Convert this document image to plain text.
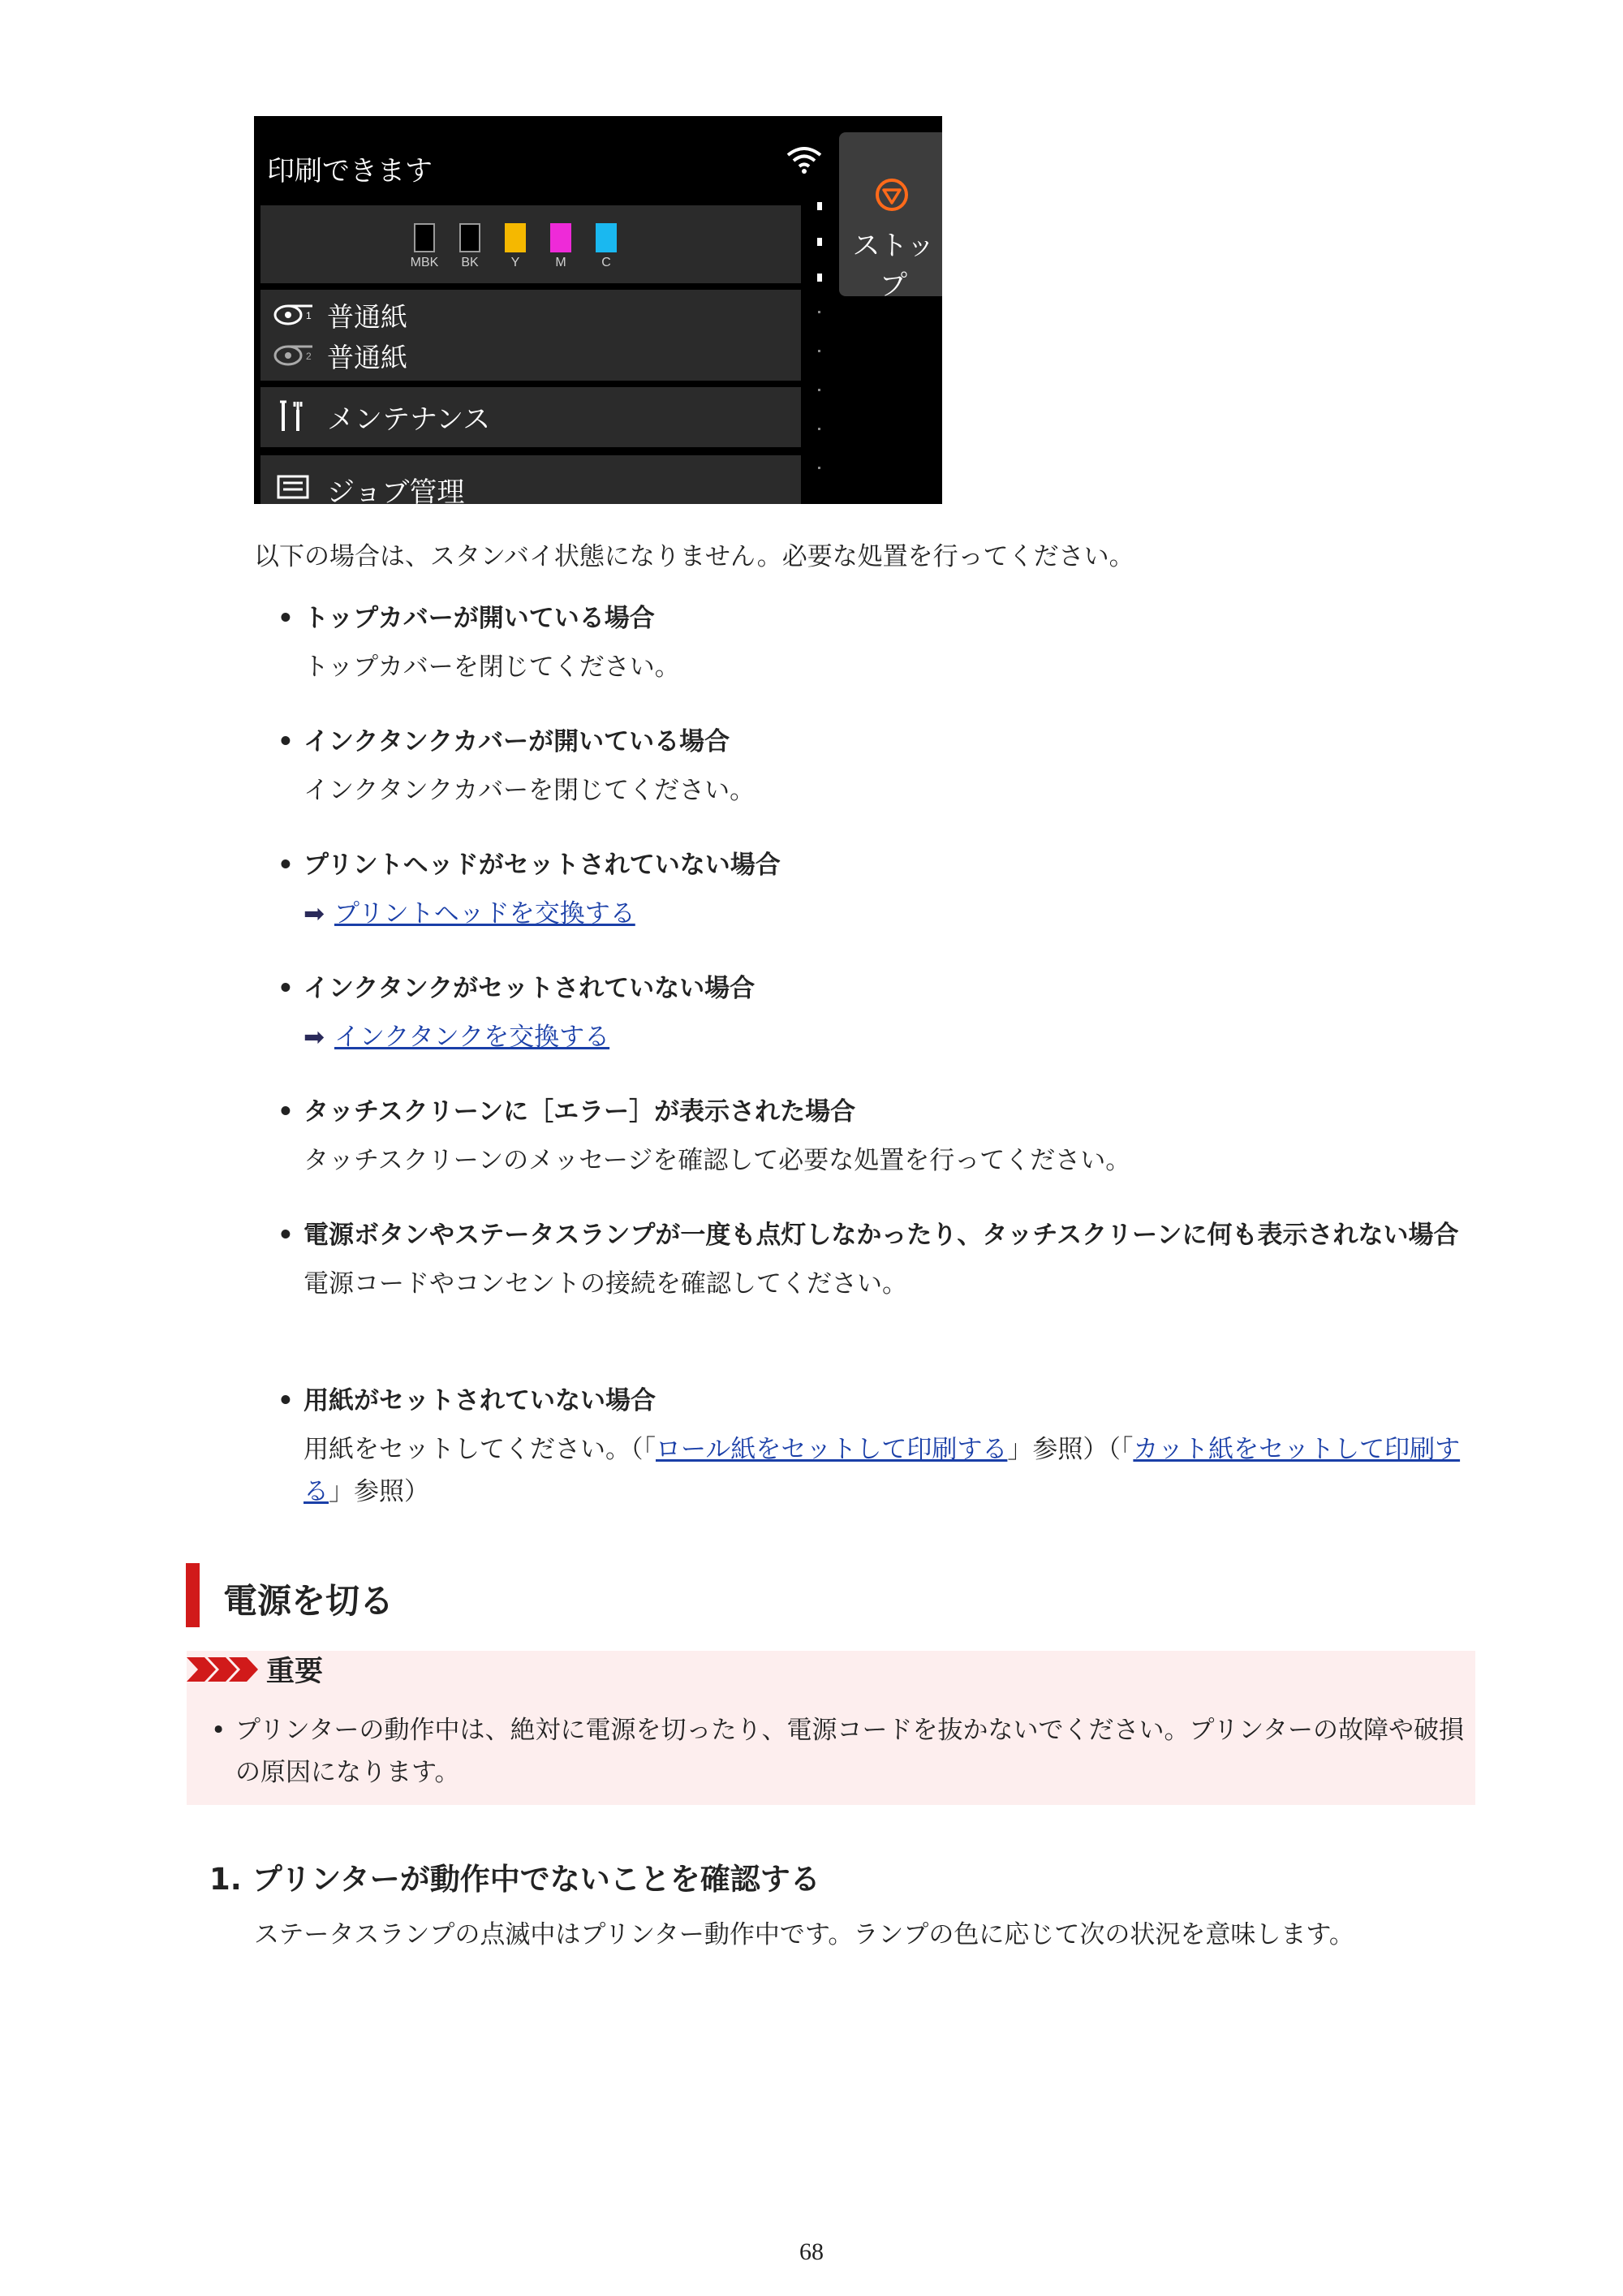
印刷できます
ストップ
MBK	BK	Y	M	C
1 普通紙
2 普通紙
メンテナンス
ジョブ管理
以下の場合は、スタンバイ状態になりません。必要な処置を行ってください。
• トップカバーが開いている場合
トップカバーを閉じてください。
• インクタンクカバーが開いている場合
インクタンクカバーを閉じてください。
• プリントヘッドがセットされていない場合
➡ プリントヘッドを交換する
• インクタンクがセットされていない場合
➡ インクタンクを交換する
• タッチスクリーンに［エラー］が表示された場合
タッチスクリーンのメッセージを確認して必要な処置を行ってください。
• 電源ボタンやステータスランプが一度も点灯しなかったり、タッチスクリーンに何も表示されない場合
電源コードやコンセントの接続を確認してください。
• 用紙がセットされていない場合
用紙をセットしてください。（「ロール紙をセットして印刷する」参照）（「カット紙をセットして印刷する」参照）
電源を切る
重要
• プリンターの動作中は、絶対に電源を切ったり、電源コードを抜かないでください。プリンターの故障や破損の原因になります。
1. プリンターが動作中でないことを確認する
ステータスランプの点滅中はプリンター動作中です。ランプの色に応じて次の状況を意味します。
68
